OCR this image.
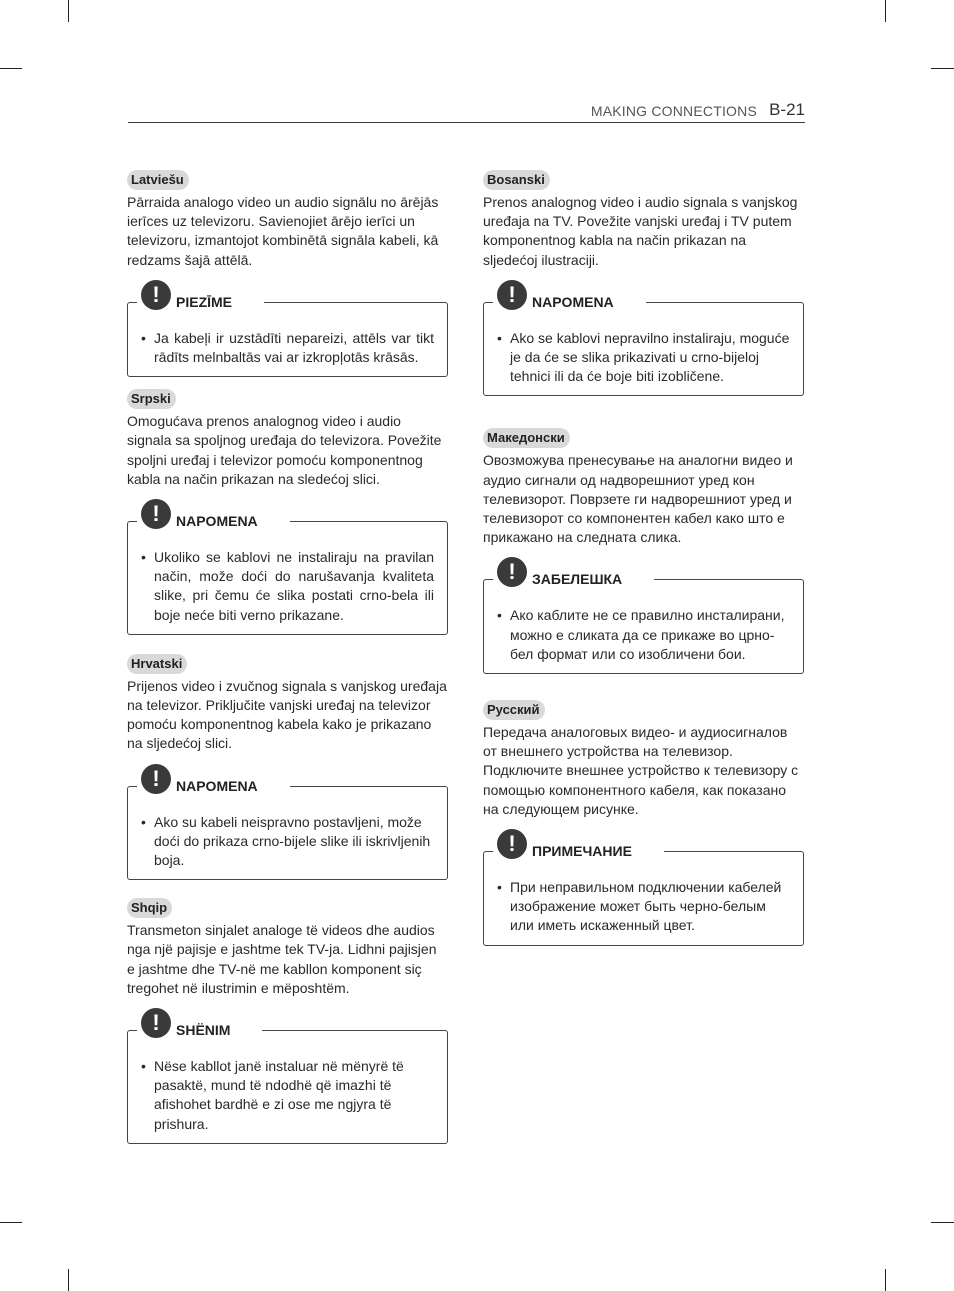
MAKING CONNECTIONS B-21
Latviešu

Pārraida analogo video un audio signālu no ārējās ierīces uz televizoru. Savienojiet ārējo ierīci un televizoru, izmantojot kombinētā signāla kabeli, kā redzams šajā attēlā.

!	PIEZĪME
• Ja kabeļi ir uzstādīti nepareizi, attēls var tikt rādīts melnbaltās vai ar izkropļotās krāsās.
Srpski

Omogućava prenos analognog video i audio signala sa spoljnog uređaja do televizora. Povežite spoljni uređaj i televizor pomoću komponentnog kabla na način prikazan na sledećoj slici.

!	NAPOMENA
• Ukoliko se kablovi ne instaliraju na pravilan način, može doći do narušavanja kvaliteta slike, pri čemu će slika postati crno-bela ili boje neće biti verno prikazane.
Hrvatski

Prijenos video i zvučnog signala s vanjskog uređaja na televizor. Priključite vanjski uređaj na televizor pomoću komponentnog kabela kako je prikazano na sljedećoj slici.

!	NAPOMENA
• Ako su kabeli neispravno postavljeni, može doći do prikaza crno-bijele slike ili iskrivljenih boja.
Shqip

Transmeton sinjalet analoge të videos dhe audios nga një pajisje e jashtme tek TV-ja. Lidhni pajisjen e jashtme dhe TV-në me kabllon komponent siç tregohet në ilustrimin e mëposhtëm.

!	SHËNIM
• Nëse kabllot janë instaluar në mënyrë të pasaktë, mund të ndodhë që imazhi të afishohet bardhë e zi ose me ngjyra të prishura.
Bosanski

Prenos analognog video i audio signala s vanjskog uređaja na TV. Povežite vanjski uređaj i TV putem komponentnog kabla na način prikazan na sljedećoj ilustraciji.

!	NAPOMENA
• Ako se kablovi nepravilno instaliraju, moguće je da će se slika prikazivati u crno-bijeloj tehnici ili da će boje biti izobličene.
Македонски

Овозможува пренесување на аналогни видео и аудио сигнали од надворешниот уред кон телевизорот. Поврзете ги надворешниот уред и телевизорот со компонентен кабел како што е прикажано на следната слика.

!	ЗАБЕЛЕШКА
• Ако каблите не се правилно инсталирани, можно е сликата да се прикаже во црно-бел формат или со изобличени бои.
Русский

Передача аналоговых видео- и аудиосигналов от внешнего устройства на телевизор. Подключите внешнее устройство к телевизору с помощью компонентного кабеля, как показано на следующем рисунке.

!	ПРИМЕЧАНИЕ
• При неправильном подключении кабелей изображение может быть черно-белым или иметь искаженный цвет.
